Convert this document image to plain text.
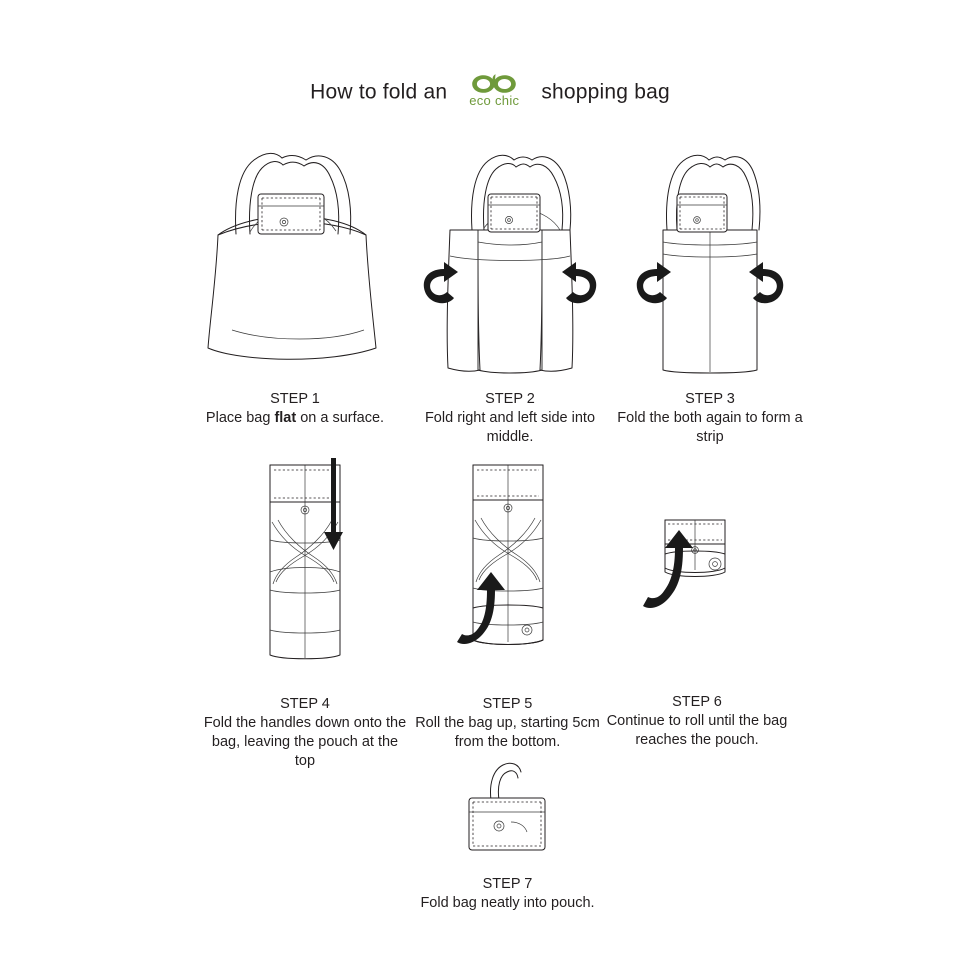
How to fold an eco chic shopping bag
STEP 1
Place bag flat on a surface.
STEP 2
Fold right and left side into middle.
STEP 3
Fold the both again to form a strip
STEP 4
Fold the handles down onto the bag, leaving the pouch at the top
STEP 5
Roll the bag up, starting 5cm from the bottom.
STEP 6
Continue to roll until the bag reaches the pouch.
STEP 7
Fold bag neatly into pouch.
